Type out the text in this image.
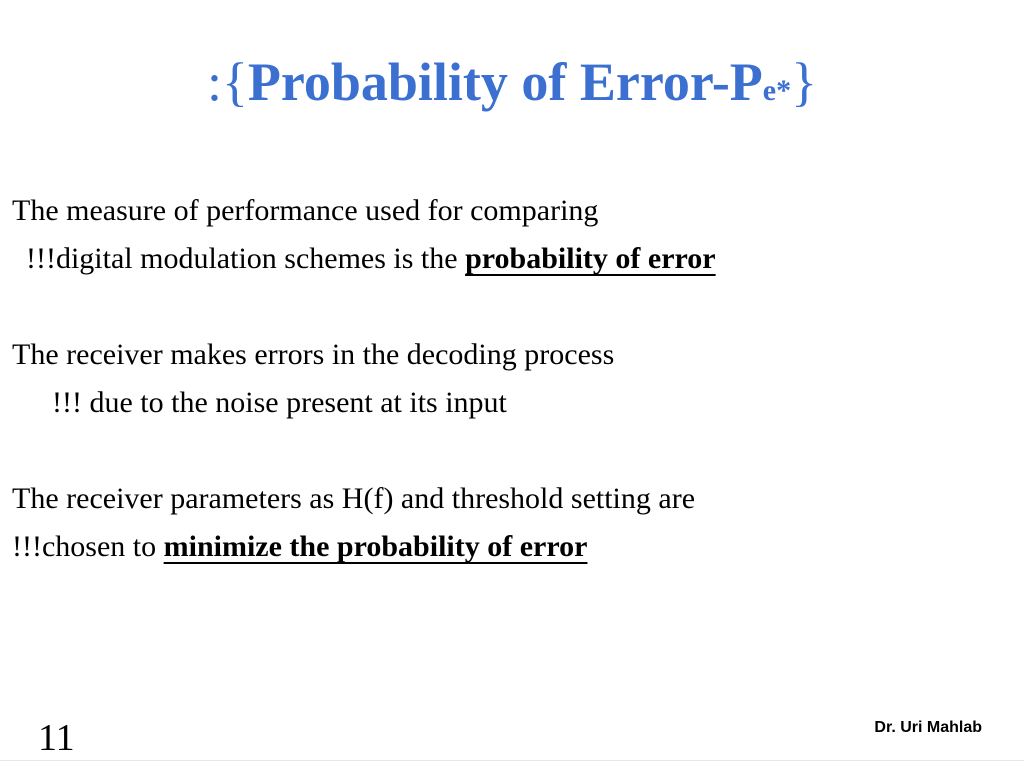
:{Probability of Error-Pe*}
The measure of performance used for comparing
!!!digital modulation schemes is the probability of error
The receiver makes errors in the decoding process
!!! due to the noise present at its input
The receiver parameters as H(f) and threshold setting are
!!!chosen to minimize the probability of error
11	Dr. Uri Mahlab
